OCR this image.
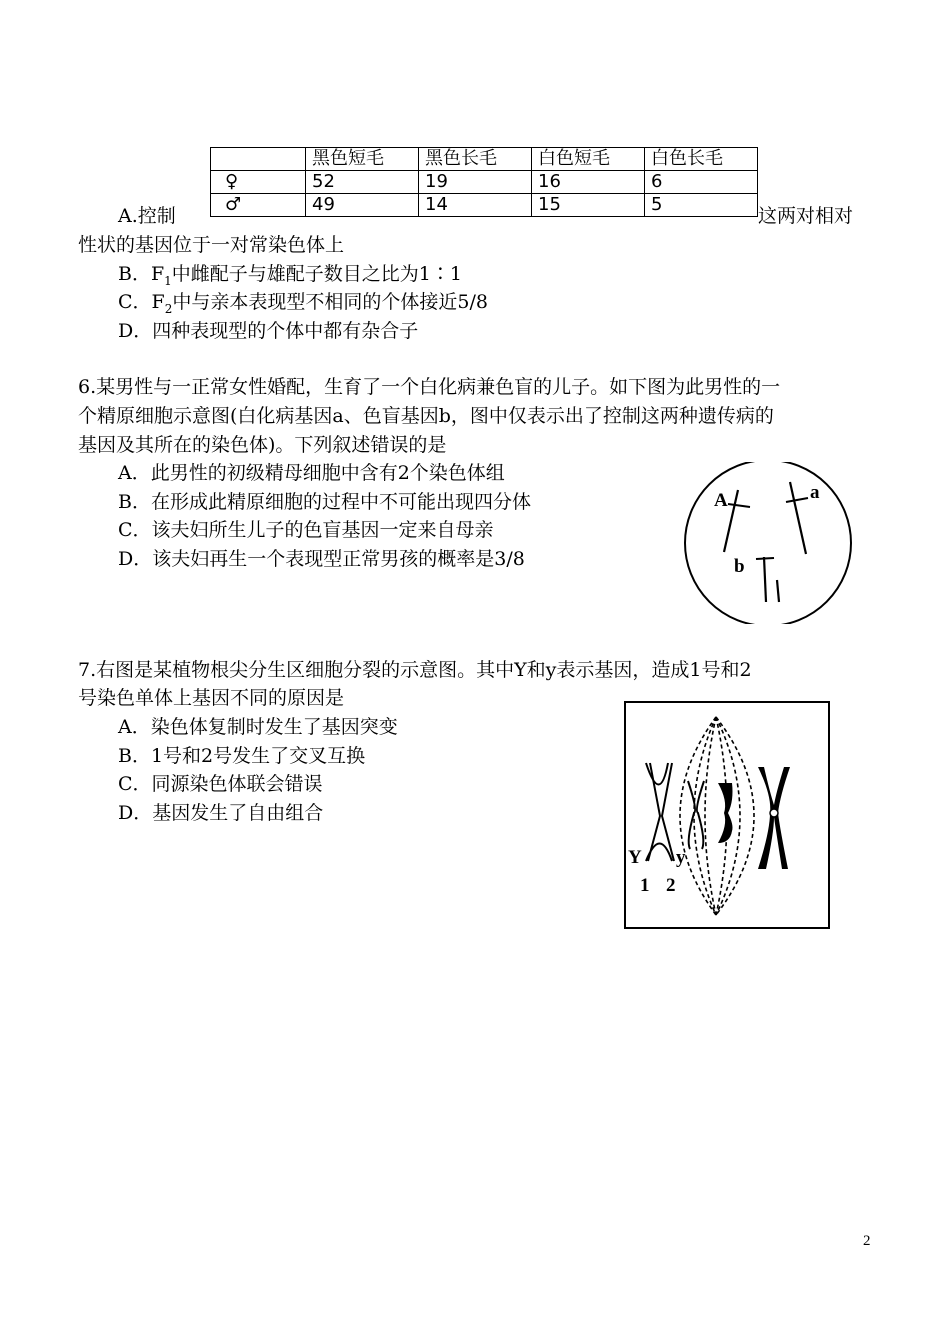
	黑色短毛	黑色长毛	白色短毛	白色长毛
♀	52	19	16	6
♂	49	14	15	5
A.控制	这两对相对
性状的基因位于一对常染色体上
B．$F_1$中雌配子与雄配子数目之比为1∶1
C．$F_2$中与亲本表现型不相同的个体接近5/8
D．四种表现型的个体中都有杂合子
6.某男性与一正常女性婚配，生育了一个白化病兼色盲的儿子。如下图为此男性的一
个精原细胞示意图(白化病基因a、色盲基因b，图中仅表示出了控制这两种遗传病的
基因及其所在的染色体)。下列叙述错误的是
A．此男性的初级精母细胞中含有2个染色体组
B．在形成此精原细胞的过程中不可能出现四分体
C．该夫妇所生儿子的色盲基因一定来自母亲
D．该夫妇再生一个表现型正常男孩的概率是3/8
A	a
b
7.右图是某植物根尖分生区细胞分裂的示意图。其中Y和y表示基因，造成1号和2
号染色单体上基因不同的原因是
A．染色体复制时发生了基因突变
B．1号和2号发生了交叉互换
C．同源染色体联会错误
D．基因发生了自由组合
Y y
1 2
2
